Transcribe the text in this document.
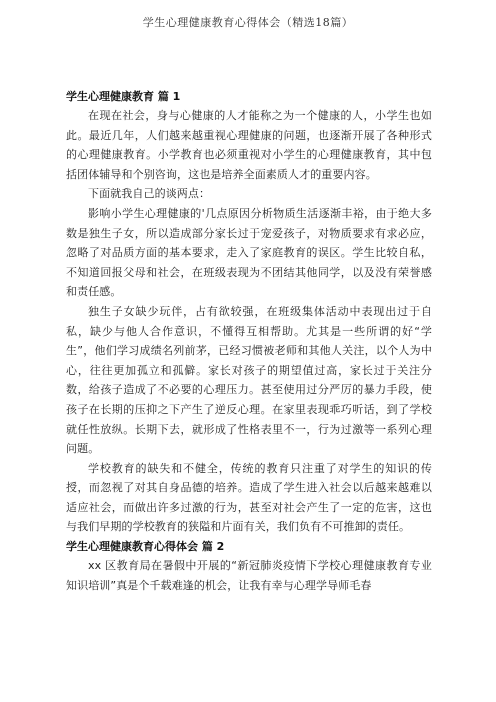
学生心理健康教育心得体会（精选18篇）

学生心理健康教育 篇 1

在现在社会，身与心健康的人才能称之为一个健康的人，小学生也如此。最近几年，人们越来越重视心理健康的问题，也逐渐开展了各种形式的心理健康教育。小学教育也必须重视对小学生的心理健康教育，其中包括团体辅导和个别咨询，这也是培养全面素质人才的重要内容。

下面就我自己的谈两点：

影响小学生心理健康的'几点原因分析物质生活逐渐丰裕，由于绝大多数是独生子女，所以造成部分家长过于宠爱孩子，对物质要求有求必应，忽略了对品质方面的基本要求，走入了家庭教育的误区。学生比较自私，不知道回报父母和社会，在班级表现为不团结其他同学，以及没有荣誉感和责任感。

独生子女缺少玩伴，占有欲较强，在班级集体活动中表现出过于自私，缺少与他人合作意识，不懂得互相帮助。尤其是一些所谓的好“学生”，他们学习成绩名列前茅，已经习惯被老师和其他人关注，以个人为中心，往往更加孤立和孤僻。家长对孩子的期望值过高，家长过于关注分数，给孩子造成了不必要的心理压力。甚至使用过分严厉的暴力手段，使孩子在长期的压抑之下产生了逆反心理。在家里表现乖巧听话，到了学校就任性放纵。长期下去，就形成了性格表里不一，行为过激等一系列心理问题。

学校教育的缺失和不健全，传统的教育只注重了对学生的知识的传授，而忽视了对其自身品德的培养。造成了学生进入社会以后越来越难以适应社会，而做出许多过激的行为，甚至对社会产生了一定的危害，这也与我们早期的学校教育的狭隘和片面有关，我们负有不可推卸的责任。

学生心理健康教育心得体会 篇 2

xx 区教育局在暑假中开展的“新冠肺炎疫情下学校心理健康教育专业知识培训”真是个千载难逢的机会，让我有幸与心理学导师毛春
